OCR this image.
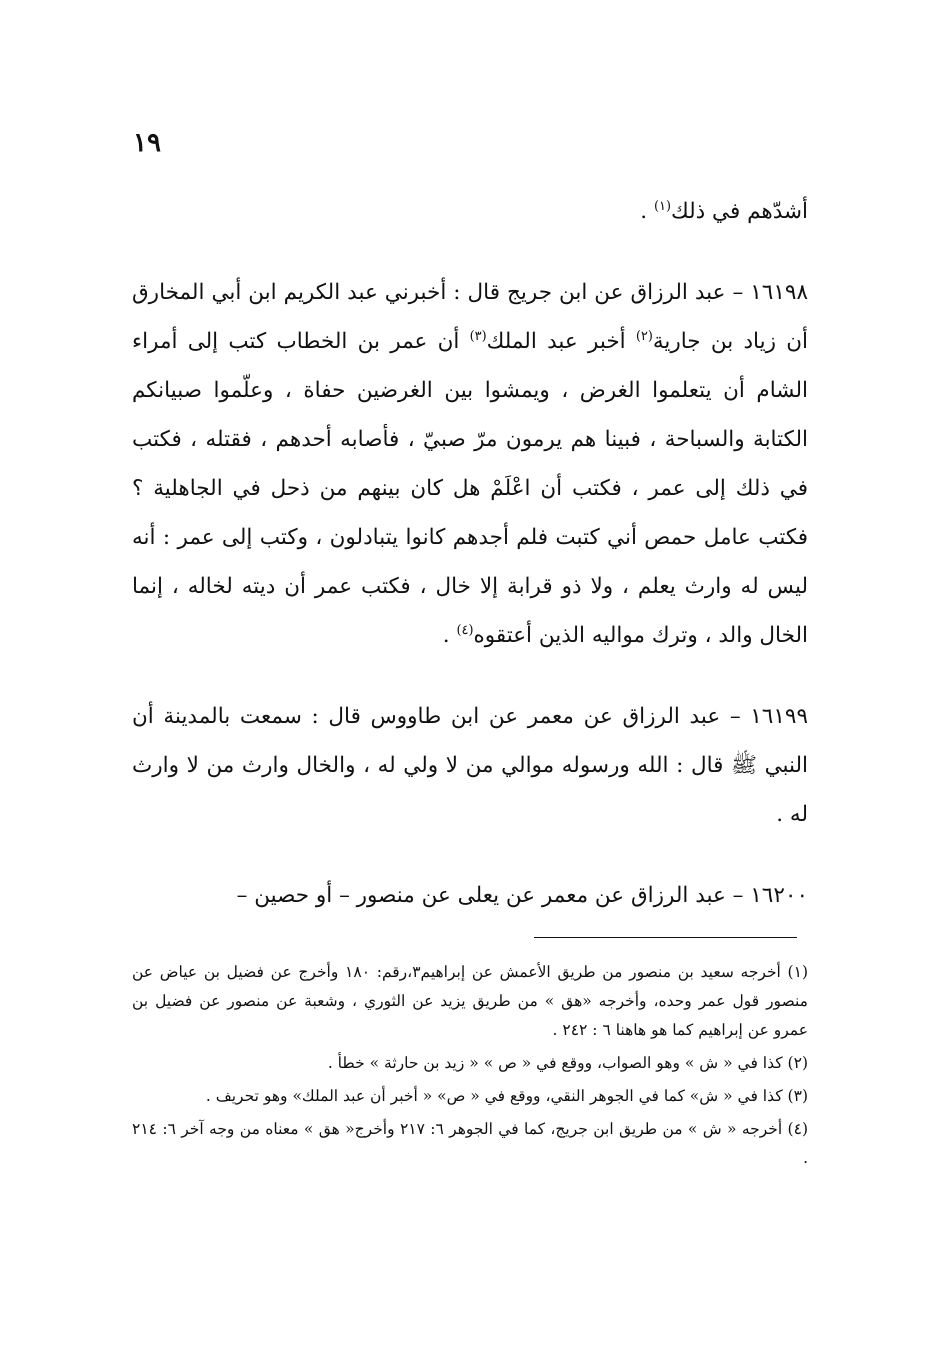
١٩

أشدّهم في ذلك$^{(١)}$ .

١٦١٩٨ – عبد الرزاق عن ابن جريج قال : أخبرني عبد الكريم ابن أبي المخارق أن زياد بن جارية$^{(٢)}$ أخبر عبد الملك$^{(٣)}$ أن عمر بن الخطاب كتب إلى أمراء الشام أن يتعلموا الغرض ، ويمشوا بين الغرضين حفاة ، وعلّموا صبيانكم الكتابة والسباحة ، فبينا هم يرمون مرّ صبيّ ، فأصابه أحدهم ، فقتله ، فكتب في ذلك إلى عمر ، فكتب أن اعْلَمْ هل كان بينهم من ذحل في الجاهلية ؟ فكتب عامل حمص أني كتبت فلم أجدهم كانوا يتبادلون ، وكتب إلى عمر : أنه ليس له وارث يعلم ، ولا ذو قرابة إلا خال ، فكتب عمر أن ديته لخاله ، إنما الخال والد ، وترك مواليه الذين أعتقوه$^{(٤)}$ .

١٦١٩٩ – عبد الرزاق عن معمر عن ابن طاووس قال : سمعت بالمدينة أن النبي ﷺ قال : الله ورسوله موالي من لا ولي له ، والخال وارث من لا وارث له .

١٦٢٠٠ – عبد الرزاق عن معمر عن يعلى عن منصور – أو حصين –

(١) أخرجه سعيد بن منصور من طريق الأعمش عن إبراهيم٣،رقم: ١٨٠ وأخرج عن فضيل بن عياض عن منصور قول عمر وحده، وأخرجه «هق » من طريق يزيد عن الثوري ، وشعبة عن منصور عن فضيل بن عمرو عن إبراهيم كما هو هاهنا ٦ : ٢٤٢ .

(٢) كذا في « ش » وهو الصواب، ووقع في « ص » « زيد بن حارثة » خطأ .

(٣) كذا في « ش» كما في الجوهر النقي، ووقع في « ص» « أخبر أن عبد الملك» وهو تحريف .

(٤) أخرجه « ش » من طريق ابن جريج، كما في الجوهر ٦: ٢١٧ وأخرج« هق » معناه من وجه آخر ٦: ٢١٤ .
